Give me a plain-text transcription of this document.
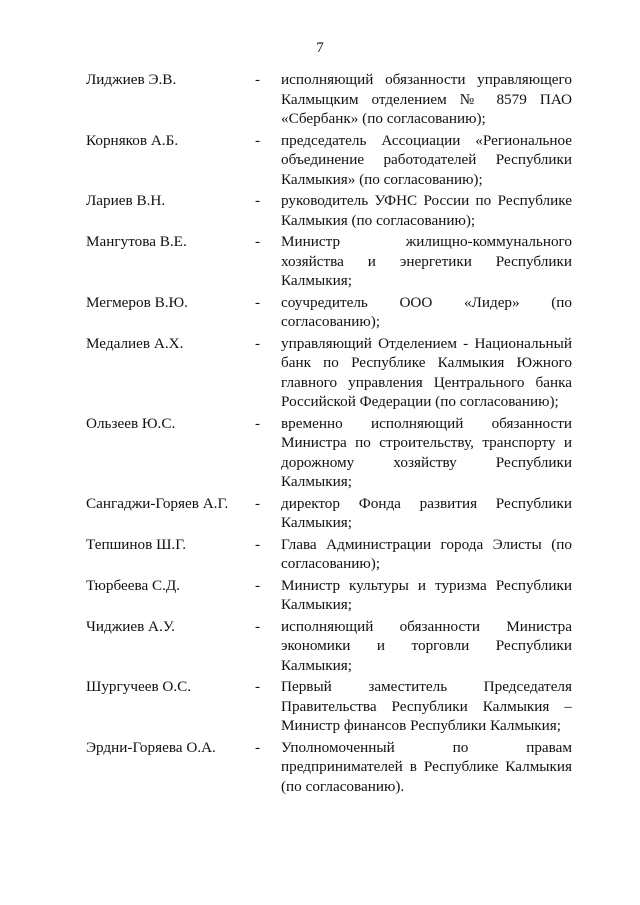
7
Лиджиев Э.В.	-	исполняющий обязанности управляющего Калмыцким отделением № 8579 ПАО «Сбербанк» (по согласованию);
Корняков А.Б.	-	председатель Ассоциации «Региональное объединение работодателей Республики Калмыкия» (по согласованию);
Лариев В.Н.	-	руководитель УФНС России по Республике Калмыкия (по согласованию);
Мангутова В.Е.	-	Министр жилищно-коммунального хозяйства и энергетики Республики Калмыкия;
Мегмеров В.Ю.	-	соучредитель ООО «Лидер» (по согласованию);
Медалиев А.Х.	-	управляющий Отделением - Национальный банк по Республике Калмыкия Южного главного управления Центрального банка Российской Федерации (по согласованию);
Ользеев Ю.С.	-	временно исполняющий обязанности Министра по строительству, транспорту и дорожному хозяйству Республики Калмыкия;
Сангаджи-Горяев А.Г.	-	директор Фонда развития Республики Калмыкия;
Тепшинов Ш.Г.	-	Глава Администрации города Элисты (по согласованию);
Тюрбеева С.Д.	-	Министр культуры и туризма Республики Калмыкия;
Чиджиев А.У.	-	исполняющий обязанности Министра экономики и торговли Республики Калмыкия;
Шургучеев О.С.	-	Первый заместитель Председателя Правительства Республики Калмыкия – Министр финансов Республики Калмыкия;
Эрдни-Горяева О.А.	-	Уполномоченный по правам предпринимателей в Республике Калмыкия (по согласованию).
